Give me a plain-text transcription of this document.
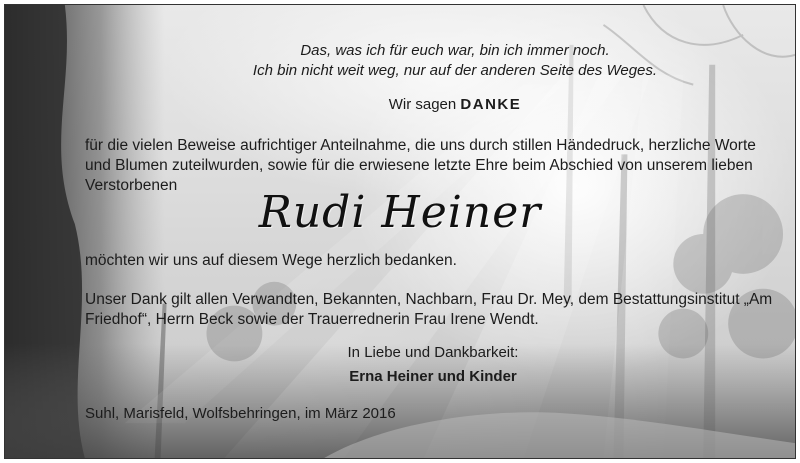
Das, was ich für euch war, bin ich immer noch.
Ich bin nicht weit weg, nur auf der anderen Seite des Weges.
Wir sagen DANKE
für die vielen Beweise aufrichtiger Anteilnahme, die uns durch stillen Händedruck, herzliche Worte und Blumen zuteilwurden, sowie für die erwiesene letzte Ehre beim Abschied von unserem lieben Verstorbenen
Rudi Heiner
möchten wir uns auf diesem Wege herzlich bedanken.
Unser Dank gilt allen Verwandten, Bekannten, Nachbarn, Frau Dr. Mey, dem Bestattungsinstitut „Am Friedhof“, Herrn Beck sowie der Trauerrednerin Frau Irene Wendt.
In Liebe und Dankbarkeit:
Erna Heiner und Kinder
Suhl, Marisfeld, Wolfsbehringen, im März 2016
